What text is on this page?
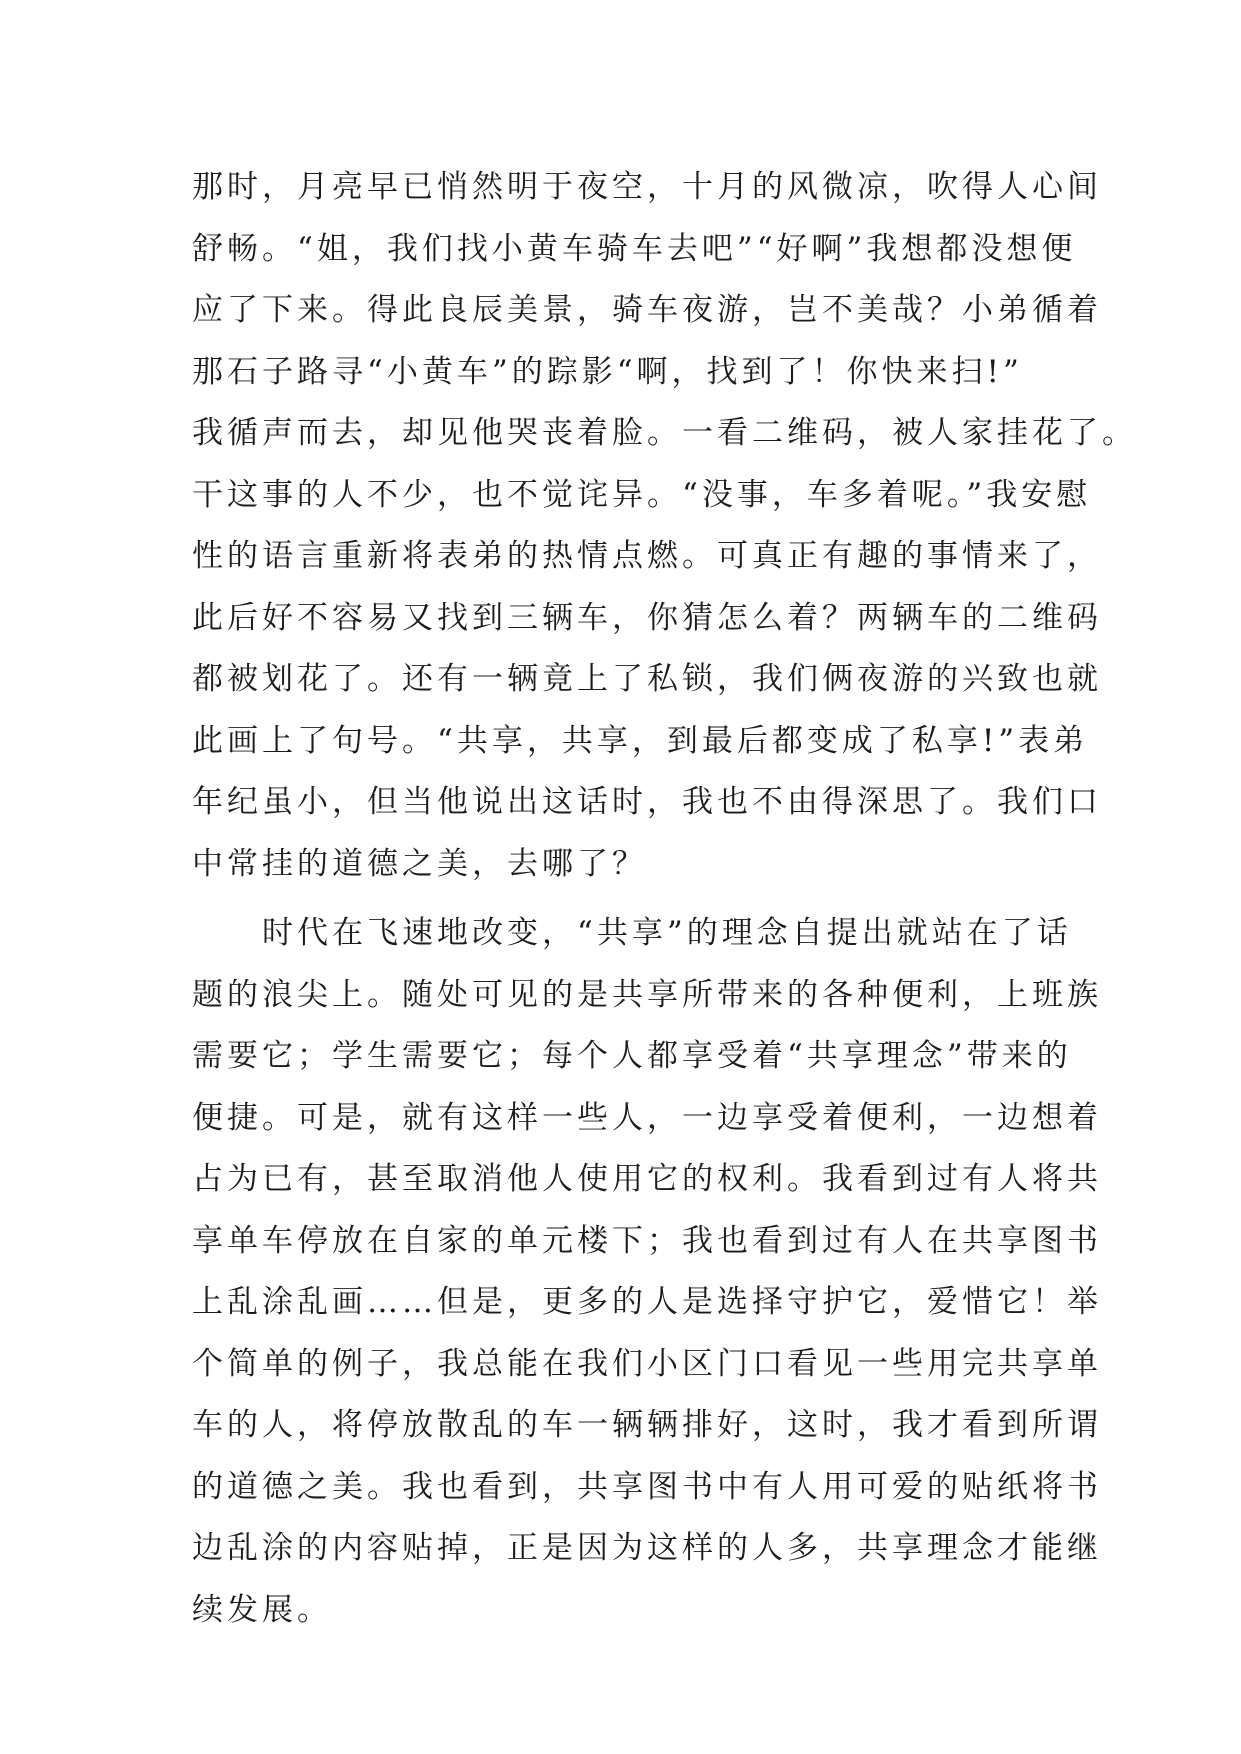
那时，月亮早已悄然明于夜空，十月的风微凉，吹得人心间
舒畅。“姐，我们找小黄车骑车去吧”“好啊”我想都没想便
应了下来。得此良辰美景，骑车夜游，岂不美哉？小弟循着
那石子路寻“小黄车”的踪影“啊，找到了！你快来扫!”
我循声而去，却见他哭丧着脸。一看二维码，被人家挂花了。
干这事的人不少，也不觉诧异。“没事，车多着呢。”我安慰
性的语言重新将表弟的热情点燃。可真正有趣的事情来了，
此后好不容易又找到三辆车，你猜怎么着？两辆车的二维码
都被划花了。还有一辆竟上了私锁，我们俩夜游的兴致也就
此画上了句号。“共享，共享，到最后都变成了私享!”表弟
年纪虽小，但当他说出这话时，我也不由得深思了。我们口
中常挂的道德之美，去哪了？
时代在飞速地改变，“共享”的理念自提出就站在了话
题的浪尖上。随处可见的是共享所带来的各种便利，上班族
需要它；学生需要它；每个人都享受着“共享理念”带来的
便捷。可是，就有这样一些人，一边享受着便利，一边想着
占为已有，甚至取消他人使用它的权利。我看到过有人将共
享单车停放在自家的单元楼下；我也看到过有人在共享图书
上乱涂乱画……但是，更多的人是选择守护它，爱惜它！举
个简单的例子，我总能在我们小区门口看见一些用完共享单
车的人，将停放散乱的车一辆辆排好，这时，我才看到所谓
的道德之美。我也看到，共享图书中有人用可爱的贴纸将书
边乱涂的内容贴掉，正是因为这样的人多，共享理念才能继
续发展。
